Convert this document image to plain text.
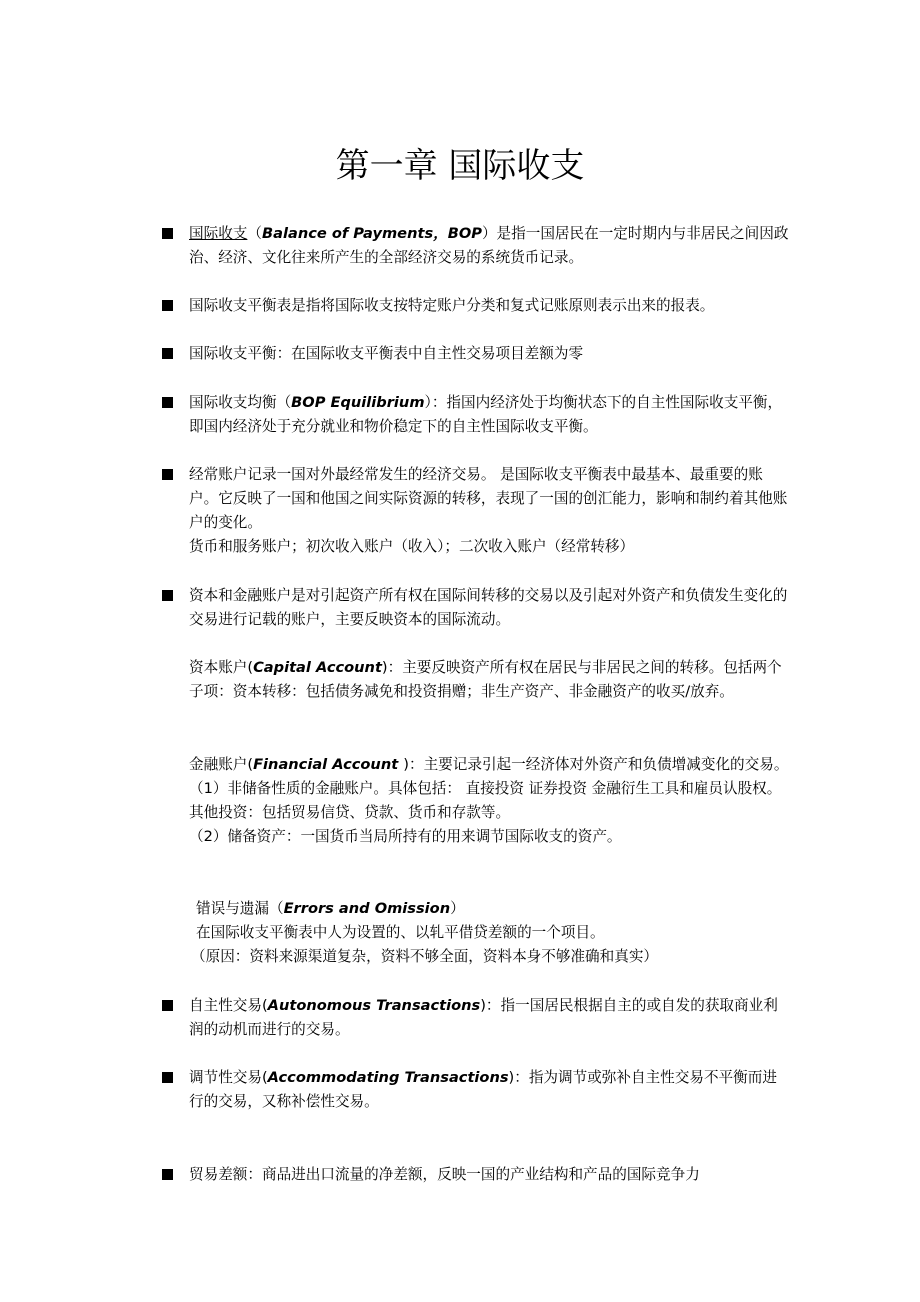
第一章 国际收支
国际收支（Balance of Payments，BOP）是指一国居民在一定时期内与非居民之间因政治、经济、文化往来所产生的全部经济交易的系统货币记录。
国际收支平衡表是指将国际收支按特定账户分类和复式记账原则表示出来的报表。
国际收支平衡：在国际收支平衡表中自主性交易项目差额为零
国际收支均衡（BOP Equilibrium）：指国内经济处于均衡状态下的自主性国际收支平衡，即国内经济处于充分就业和物价稳定下的自主性国际收支平衡。
经常账户记录一国对外最经常发生的经济交易。 是国际收支平衡表中最基本、最重要的账户。它反映了一国和他国之间实际资源的转移，表现了一国的创汇能力，影响和制约着其他账户的变化。
货币和服务账户；初次收入账户（收入）；二次收入账户（经常转移）
资本和金融账户是对引起资产所有权在国际间转移的交易以及引起对外资产和负债发生变化的交易进行记载的账户，主要反映资本的国际流动。
资本账户(Capital Account)：主要反映资产所有权在居民与非居民之间的转移。包括两个子项：资本转移：包括债务减免和投资捐赠；非生产资产、非金融资产的收买/放弃。
金融账户(Financial Account )：主要记录引起一经济体对外资产和负债增减变化的交易。
（1）非储备性质的金融账户。具体包括： 直接投资 证券投资 金融衍生工具和雇员认股权。 其他投资：包括贸易信贷、贷款、货币和存款等。
（2）储备资产：一国货币当局所持有的用来调节国际收支的资产。
错误与遗漏（Errors and Omission）
在国际收支平衡表中人为设置的、以轧平借贷差额的一个项目。
（原因：资料来源渠道复杂，资料不够全面，资料本身不够准确和真实）
自主性交易(Autonomous Transactions)：指一国居民根据自主的或自发的获取商业利润的动机而进行的交易。
调节性交易(Accommodating Transactions)：指为调节或弥补自主性交易不平衡而进行的交易，又称补偿性交易。
贸易差额：商品进出口流量的净差额，反映一国的产业结构和产品的国际竞争力
